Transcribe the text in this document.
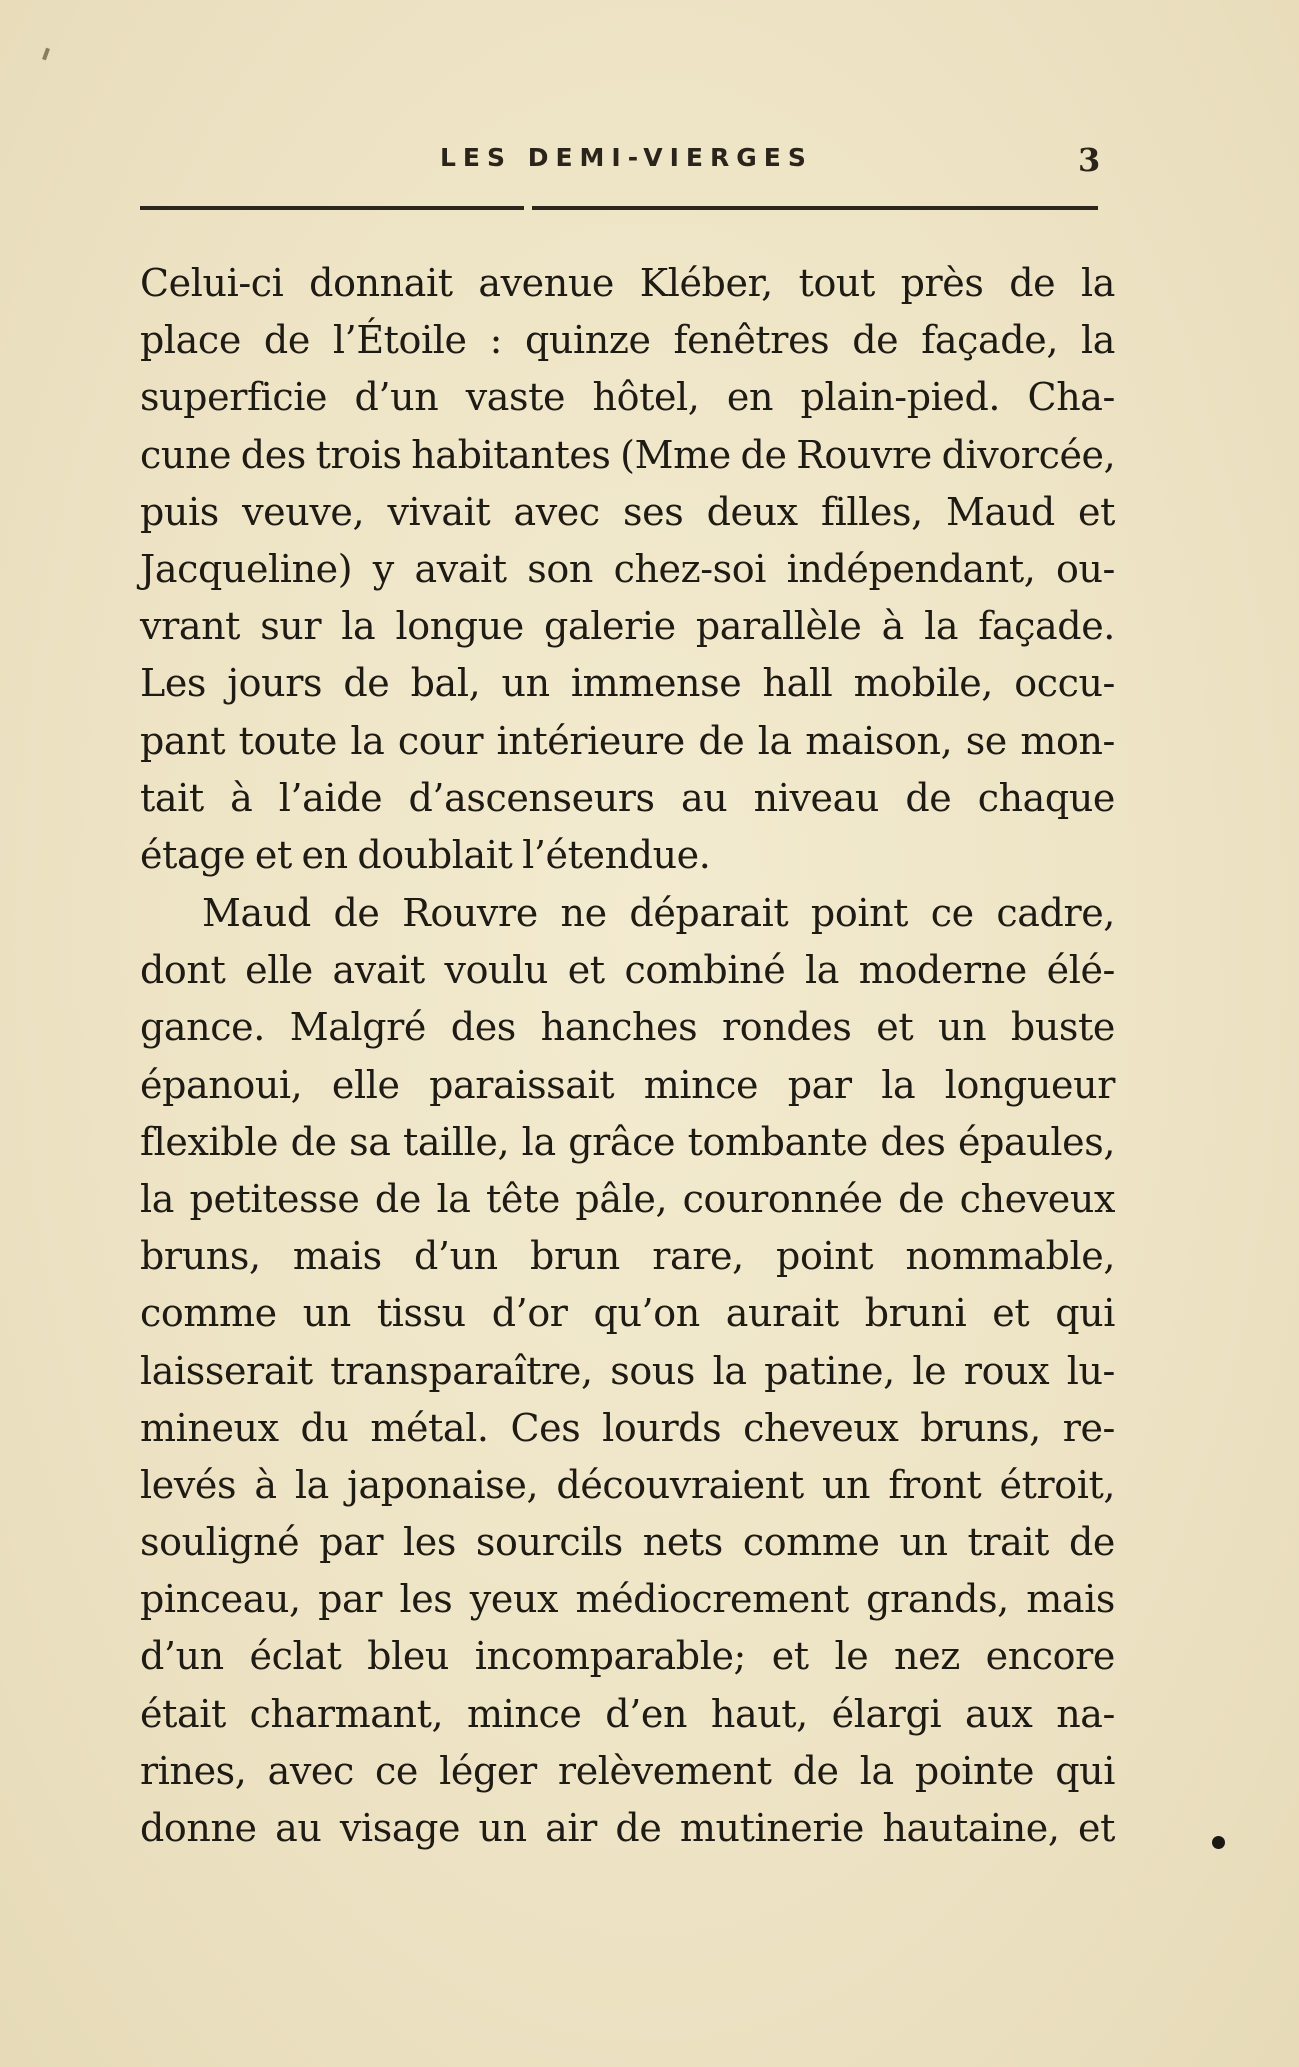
LES DEMI-VIERGES	3
Celui-ci donnait avenue Kléber, tout près de la
place de l’Étoile : quinze fenêtres de façade, la
superficie d’un vaste hôtel, en plain-pied. Cha-
cune des trois habitantes (Mme de Rouvre divorcée,
puis veuve, vivait avec ses deux filles, Maud et
Jacqueline) y avait son chez-soi indépendant, ou-
vrant sur la longue galerie parallèle à la façade.
Les jours de bal, un immense hall mobile, occu-
pant toute la cour intérieure de la maison, se mon-
tait à l’aide d’ascenseurs au niveau de chaque
étage et en doublait l’étendue.
Maud de Rouvre ne déparait point ce cadre,
dont elle avait voulu et combiné la moderne élé-
gance. Malgré des hanches rondes et un buste
épanoui, elle paraissait mince par la longueur
flexible de sa taille, la grâce tombante des épaules,
la petitesse de la tête pâle, couronnée de cheveux
bruns, mais d’un brun rare, point nommable,
comme un tissu d’or qu’on aurait bruni et qui
laisserait transparaître, sous la patine, le roux lu-
mineux du métal. Ces lourds cheveux bruns, re-
levés à la japonaise, découvraient un front étroit,
souligné par les sourcils nets comme un trait de
pinceau, par les yeux médiocrement grands, mais
d’un éclat bleu incomparable; et le nez encore
était charmant, mince d’en haut, élargi aux na-
rines, avec ce léger relèvement de la pointe qui
donne au visage un air de mutinerie hautaine, et
